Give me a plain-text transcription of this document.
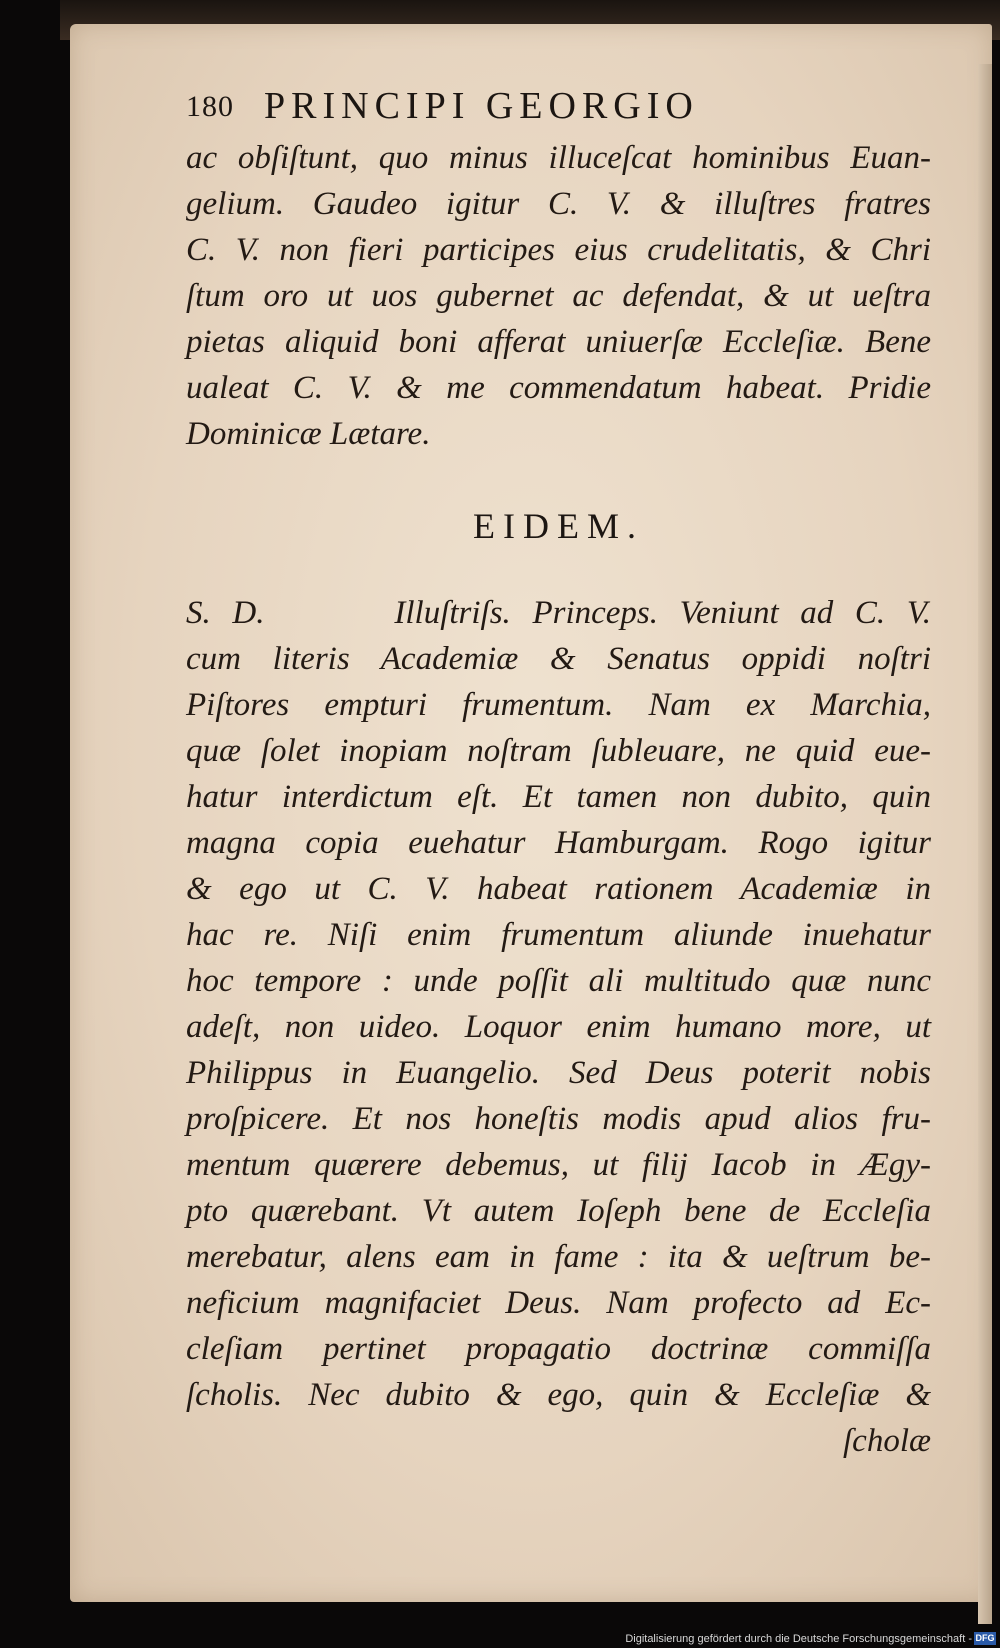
180 PRINCIPI GEORGIO
ac obſiſtunt, quo minus illuceſcat hominibus Euan-
gelium. Gaudeo igitur C. V. & illuſtres fratres
C. V. non fieri participes eius crudelitatis, & Chri
ſtum oro ut uos gubernet ac defendat, & ut ueſtra
pietas aliquid boni afferat uniuerſæ Eccleſiæ. Bene
ualeat C. V. & me commendatum habeat. Pridie
Dominicæ Lætare.
EIDEM.
S. D.      Illuſtriſs. Princeps. Veniunt ad C. V.
cum literis Academiæ & Senatus oppidi noſtri
Piſtores empturi frumentum. Nam ex Marchia,
quæ ſolet inopiam noſtram ſubleuare, ne quid eue-
hatur interdictum eſt. Et tamen non dubito, quin
magna copia euehatur Hamburgam. Rogo igitur
& ego ut C. V. habeat rationem Academiæ in
hac re. Niſi enim frumentum aliunde inuehatur
hoc tempore : unde poſſit ali multitudo quæ nunc
adeſt, non uideo. Loquor enim humano more, ut
Philippus in Euangelio. Sed Deus poterit nobis
proſpicere. Et nos honeſtis modis apud alios fru-
mentum quærere debemus, ut filij Iacob in Ægy-
pto quærebant. Vt autem Ioſeph bene de Eccleſia
merebatur, alens eam in fame : ita & ueſtrum be-
neficium magnifaciet Deus. Nam profecto ad Ec-
cleſiam pertinet propagatio doctrinæ commiſſa
ſcholis. Nec dubito & ego, quin & Eccleſiæ &
ſcholæ
Digitalisierung gefördert durch die Deutsche Forschungsgemeinschaft - DFG
